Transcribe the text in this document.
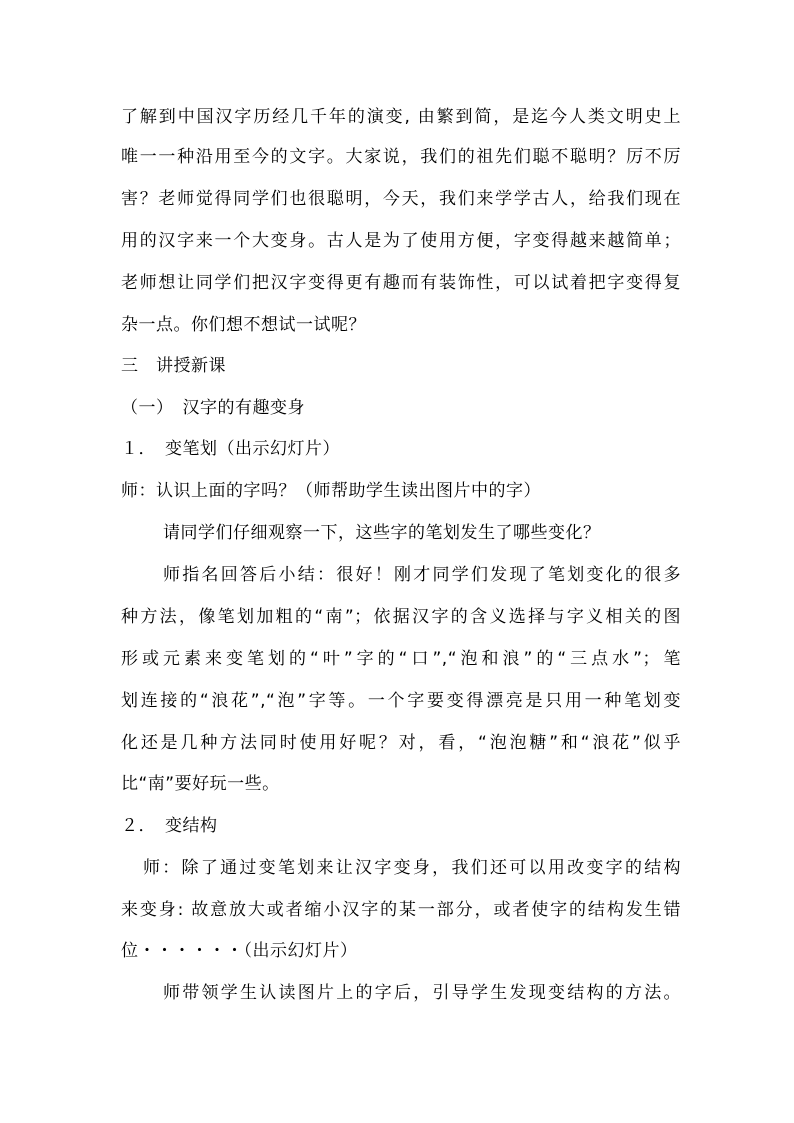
了解到中国汉字历经几千年的演变, 由繁到简，是迄今人类文明史上
唯一一种沿用至今的文字。大家说，我们的祖先们聪不聪明？厉不厉
害？老师觉得同学们也很聪明，今天，我们来学学古人，给我们现在
用的汉字来一个大变身。古人是为了使用方便，字变得越来越简单；
老师想让同学们把汉字变得更有趣而有装饰性，可以试着把字变得复
杂一点。你们想不想试一试呢？
三　讲授新课
（一）　汉字的有趣变身
１．　变笔划（出示幻灯片）
师：认识上面的字吗？（师帮助学生读出图片中的字）
请同学们仔细观察一下，这些字的笔划发生了哪些变化？
师指名回答后小结：很好！刚才同学们发现了笔划变化的很多
种方法，像笔划加粗的“南”；依据汉字的含义选择与字义相关的图
形或元素来变笔划的“叶”字的“口”,“泡和浪”的“三点水”；笔
划连接的“浪花”,“泡”字等。一个字要变得漂亮是只用一种笔划变
化还是几种方法同时使用好呢？对，看，“泡泡糖”和“浪花”似乎
比“南”要好玩一些。
２．　变结构
师：除了通过变笔划来让汉字变身，我们还可以用改变字的结构
来变身: 故意放大或者缩小汉字的某一部分，或者使字的结构发生错
位・・・・・・（出示幻灯片）
师带领学生认读图片上的字后，引导学生发现变结构的方法。
